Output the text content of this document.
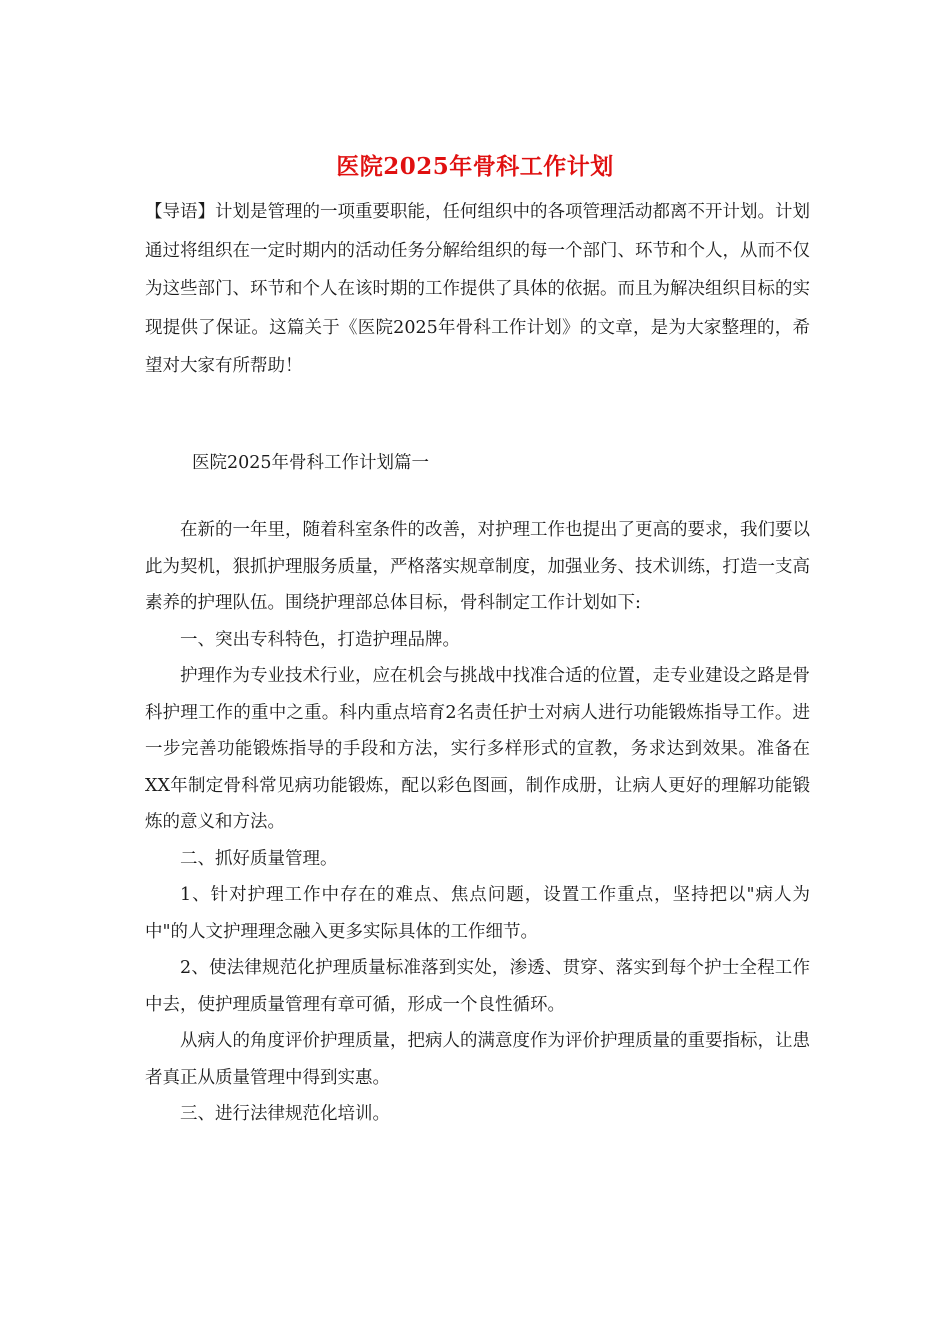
医院2025年骨科工作计划

【导语】计划是管理的一项重要职能，任何组织中的各项管理活动都离不开计划。计划通过将组织在一定时期内的活动任务分解给组织的每一个部门、环节和个人，从而不仅为这些部门、环节和个人在该时期的工作提供了具体的依据。而且为解决组织目标的实现提供了保证。这篇关于《医院2025年骨科工作计划》的文章，是为大家整理的，希望对大家有所帮助！

医院2025年骨科工作计划篇一

在新的一年里，随着科室条件的改善，对护理工作也提出了更高的要求，我们要以此为契机，狠抓护理服务质量，严格落实规章制度，加强业务、技术训练，打造一支高素养的护理队伍。围绕护理部总体目标，骨科制定工作计划如下:

一、突出专科特色，打造护理品牌。

护理作为专业技术行业，应在机会与挑战中找准合适的位置，走专业建设之路是骨科护理工作的重中之重。科内重点培育2名责任护士对病人进行功能锻炼指导工作。进一步完善功能锻炼指导的手段和方法，实行多样形式的宣教，务求达到效果。准备在XX年制定骨科常见病功能锻炼，配以彩色图画，制作成册，让病人更好的理解功能锻炼的意义和方法。

二、抓好质量管理。

1、针对护理工作中存在的难点、焦点问题，设置工作重点，坚持把以"病人为中"的人文护理理念融入更多实际具体的工作细节。

2、使法律规范化护理质量标准落到实处，渗透、贯穿、落实到每个护士全程工作中去，使护理质量管理有章可循，形成一个良性循环。

从病人的角度评价护理质量，把病人的满意度作为评价护理质量的重要指标，让患者真正从质量管理中得到实惠。

三、进行法律规范化培训。
